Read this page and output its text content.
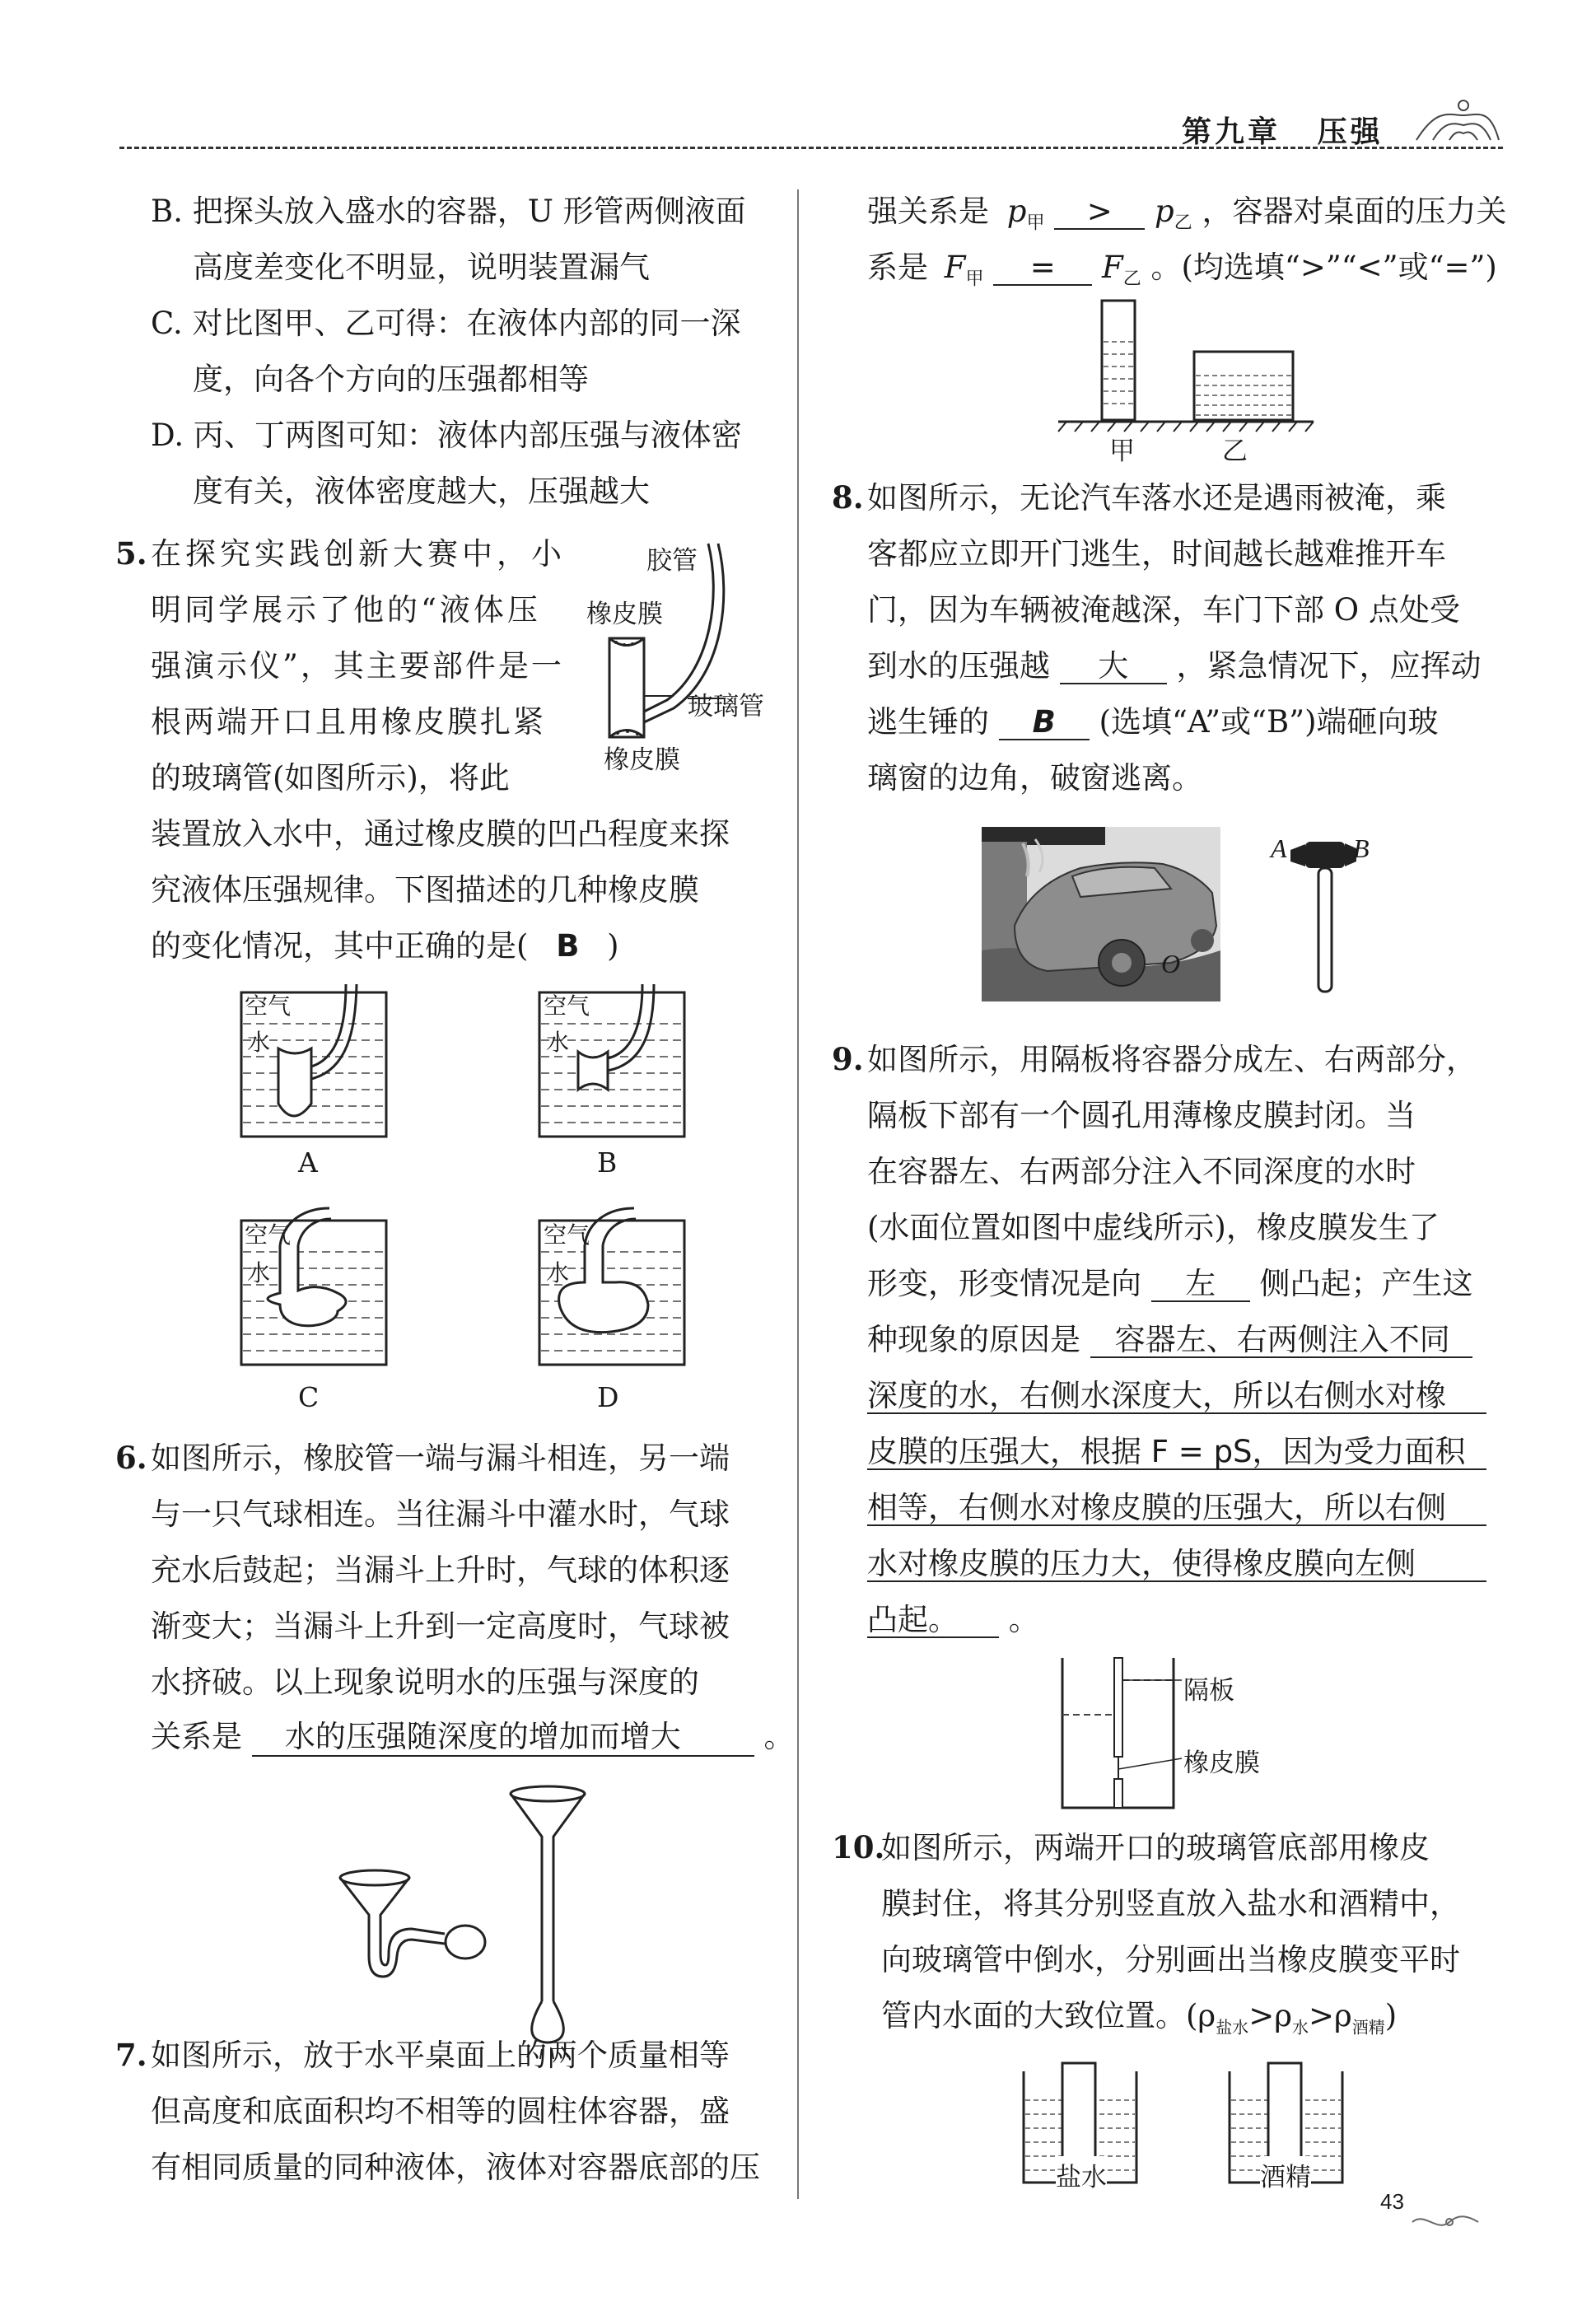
第九章 压强
B. 把探头放入盛水的容器，U 形管两侧液面
高度差变化不明显，说明装置漏气
C. 对比图甲、乙可得：在液体内部的同一深
度，向各个方向的压强都相等
D. 丙、丁两图可知：液体内部压强与液体密
度有关，液体密度越大，压强越大
5. 在探究实践创新大赛中，小
明同学展示了他的“液体压
强演示仪”，其主要部件是一
根两端开口且用橡皮膜扎紧
的玻璃管(如图所示)，将此
装置放入水中，通过橡皮膜的凹凸程度来探
究液体压强规律。下图描述的几种橡皮膜
的变化情况，其中正确的是( B )
胶管
橡皮膜
玻璃管
橡皮膜
空气
水
A
空气
水
B
空气
水
C
空气
水
D
6. 如图所示，橡胶管一端与漏斗相连，另一端
与一只气球相连。当往漏斗中灌水时，气球
充水后鼓起；当漏斗上升时，气球的体积逐
渐变大；当漏斗上升到一定高度时，气球被
水挤破。以上现象说明水的压强与深度的
关系是 水的压强随深度的增加而增大	。
7. 如图所示，放于水平桌面上的两个质量相等
但高度和底面积均不相等的圆柱体容器，盛
有相同质量的同种液体，液体对容器底部的压
强关系是 $p_甲 > p_乙$ ，容器对桌面的压力关
系是 $F_甲 = F_乙$ 。(均选填“>”“<”或“=”)
甲	乙
8. 如图所示，无论汽车落水还是遇雨被淹，乘
客都应立即开门逃生，时间越长越难推开车
门，因为车辆被淹越深，车门下部 O 点处受
到水的压强越 大 ，紧急情况下，应挥动
逃生锤的 B (选填“A”或“B”)端砸向玻
璃窗的边角，破窗逃离。
O
A	B
9. 如图所示，用隔板将容器分成左、右两部分，
隔板下部有一个圆孔用薄橡皮膜封闭。当
在容器左、右两部分注入不同深度的水时
(水面位置如图中虚线所示)，橡皮膜发生了
形变，形变情况是向 左 侧凸起；产生这
种现象的原因是 容器左、右两侧注入不同
深度的水，右侧水深度大，所以右侧水对橡
皮膜的压强大，根据 F = pS，因为受力面积
相等，右侧水对橡皮膜的压强大，所以右侧
水对橡皮膜的压力大，使得橡皮膜向左侧
凸起。 。
隔板
橡皮膜
10.
如图所示，两端开口的玻璃管底部用橡皮
膜封住，将其分别竖直放入盐水和酒精中，
向玻璃管中倒水，分别画出当橡皮膜变平时
管内水面的大致位置。$(\rho_{盐水}>\rho_水>\rho_{酒精})$
盐水	酒精
43
